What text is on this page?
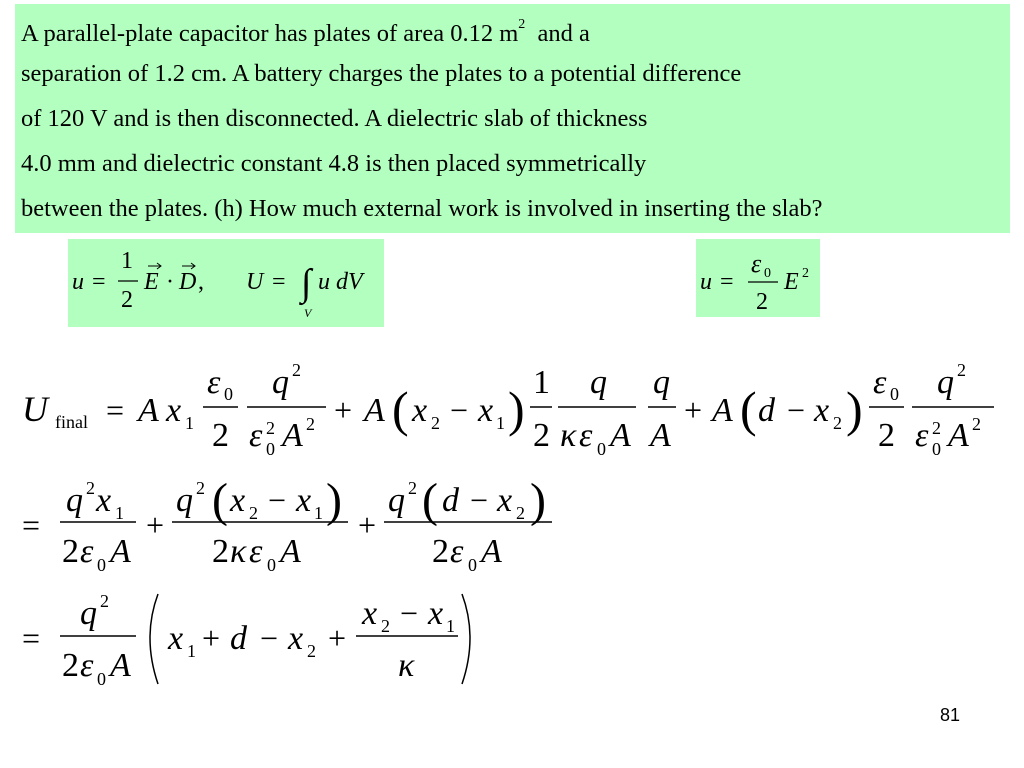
A parallel-plate capacitor has plates of area 0.12 $m^2$ and a
separation of 1.2 cm. A battery charges the plates to a potential difference
of 120 V and is then disconnected. A dielectric slab of thickness
4.0 mm and dielectric constant 4.8 is then placed symmetrically
between the plates. (h) How much external work is involved in inserting the slab?
u =
1
2
E · D , U = ∫ u dV
V
u =
ε 0
2
E 2
U final = A x 1
ε 0
2
q 2
ε 2
0 A 2 + A ( x 2 − x 1 ) 1
2
q
κ ε 0 A
q
A
+ A ( d − x 2 ) ε 0
2
q 2
ε 2
0 A 2
=
q 2 x 1
2 ε 0 A
+
q 2 ( x 2 − x 1 )
2 κ ε 0 A
+
q 2 ( d − x 2 )
2 ε 0 A
=
q 2
2 ε 0 A
x 1 + d − x 2 +
x 2 − x 1
κ
81
